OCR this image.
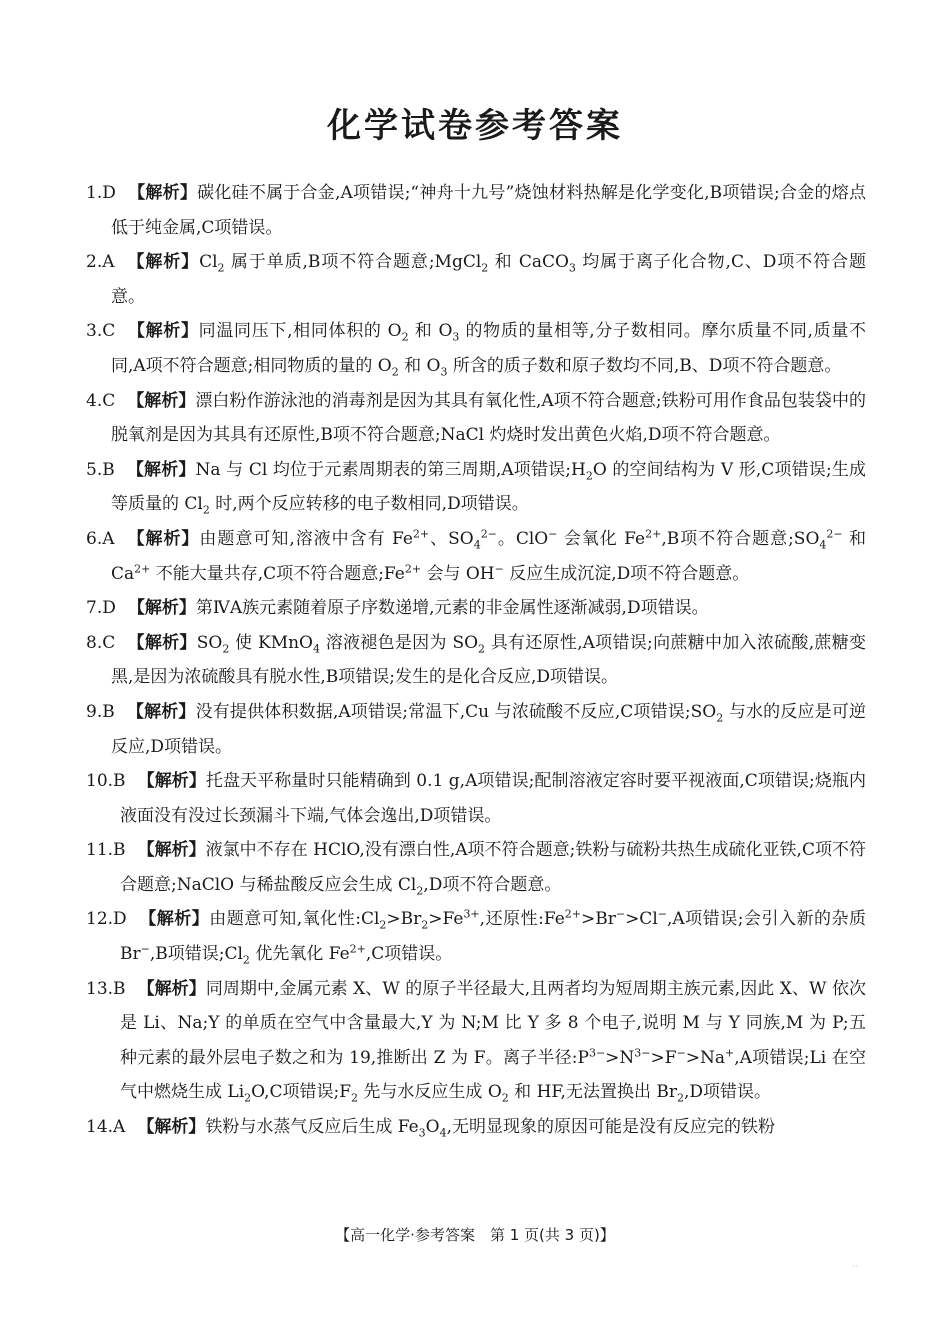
化学试卷参考答案
1.D 【解析】碳化硅不属于合金,A项错误;“神舟十九号”烧蚀材料热解是化学变化,B项错误;合金的熔点低于纯金属,C项错误。
2.A 【解析】$Cl_2$ 属于单质,B项不符合题意;MgCl$_2$ 和 CaCO$_3$ 均属于离子化合物,C、D项不符合题意。
3.C 【解析】同温同压下,相同体积的 $O_2$ 和 $O_3$ 的物质的量相等,分子数相同。摩尔质量不同,质量不同,A项不符合题意;相同物质的量的 $O_2$ 和 $O_3$ 所含的质子数和原子数均不同,B、D项不符合题意。
4.C 【解析】漂白粉作游泳池的消毒剂是因为其具有氧化性,A项不符合题意;铁粉可用作食品包装袋中的脱氧剂是因为其具有还原性,B项不符合题意;NaCl 灼烧时发出黄色火焰,D项不符合题意。
5.B 【解析】Na 与 Cl 均位于元素周期表的第三周期,A项错误$;H_2O$ 的空间结构为 V 形,C项错误;生成等质量的 $Cl_2$ 时,两个反应转移的电子数相同,D项错误。
6.A 【解析】由题意可知,溶液中含有 $Fe^{2+}$、$SO_4^{2-}$。ClO− 会氧化 $Fe^{2+},B$项不符合题意$;SO_4^{2-}$ 和 $Ca^{2+}$ 不能大量共存,C项不符合题意$;Fe^{2+}$ 会与 OH− 反应生成沉淀,D项不符合题意。
7.D 【解析】第ⅣA族元素随着原子序数递增,元素的非金属性逐渐减弱,D项错误。
8.C 【解析】$SO_2$ 使 KMnO$_4$ 溶液褪色是因为 $SO_2$ 具有还原性,A项错误;向蔗糖中加入浓硫酸,蔗糖变黑,是因为浓硫酸具有脱水性,B项错误;发生的是化合反应,D项错误。
9.B 【解析】没有提供体积数据,A项错误;常温下,Cu 与浓硫酸不反应,C项错误$;SO_2$ 与水的反应是可逆反应,D项错误。
10.B 【解析】托盘天平称量时只能精确到 0.1 g,A项错误;配制溶液定容时要平视液面,C项错误;烧瓶内液面没有没过长颈漏斗下端,气体会逸出,D项错误。
11.B 【解析】液氯中不存在 HClO,没有漂白性,A项不符合题意;铁粉与硫粉共热生成硫化亚铁,C项不符合题意;NaClO 与稀盐酸反应会生成 $Cl_2,D$项不符合题意。
12.D 【解析】由题意可知,氧化性$:Cl_2>Br_2>Fe^{3+}$,还原性$:Fe^{2+}>Br^->Cl^-,A$项错误;会引入新的杂质 Br−,B项错误$;Cl_2$ 优先氧化 $Fe^{2+},C$项错误。
13.B 【解析】同周期中,金属元素 X、W 的原子半径最大,且两者均为短周期主族元素,因此 X、W 依次是 Li、Na;Y 的单质在空气中含量最大,Y 为 N;M 比 Y 多 8 个电子,说明 M 与 Y 同族,M 为 P;五种元素的最外层电子数之和为 19,推断出 Z 为 F。离子半径$:P^{3-}>N^{3-}>F^->Na^+,A$项错误;Li 在空气中燃烧生成 $Li_2O,C$项错误$;F_2$ 先与水反应生成 $O_2$ 和 HF,无法置换出 $Br_2,D$项错误。
14.A 【解析】铁粉与水蒸气反应后生成 $Fe_3O_4$,无明显现象的原因可能是没有反应完的铁粉
【高一化学·参考答案　第 1 页(共 3 页)】
··
